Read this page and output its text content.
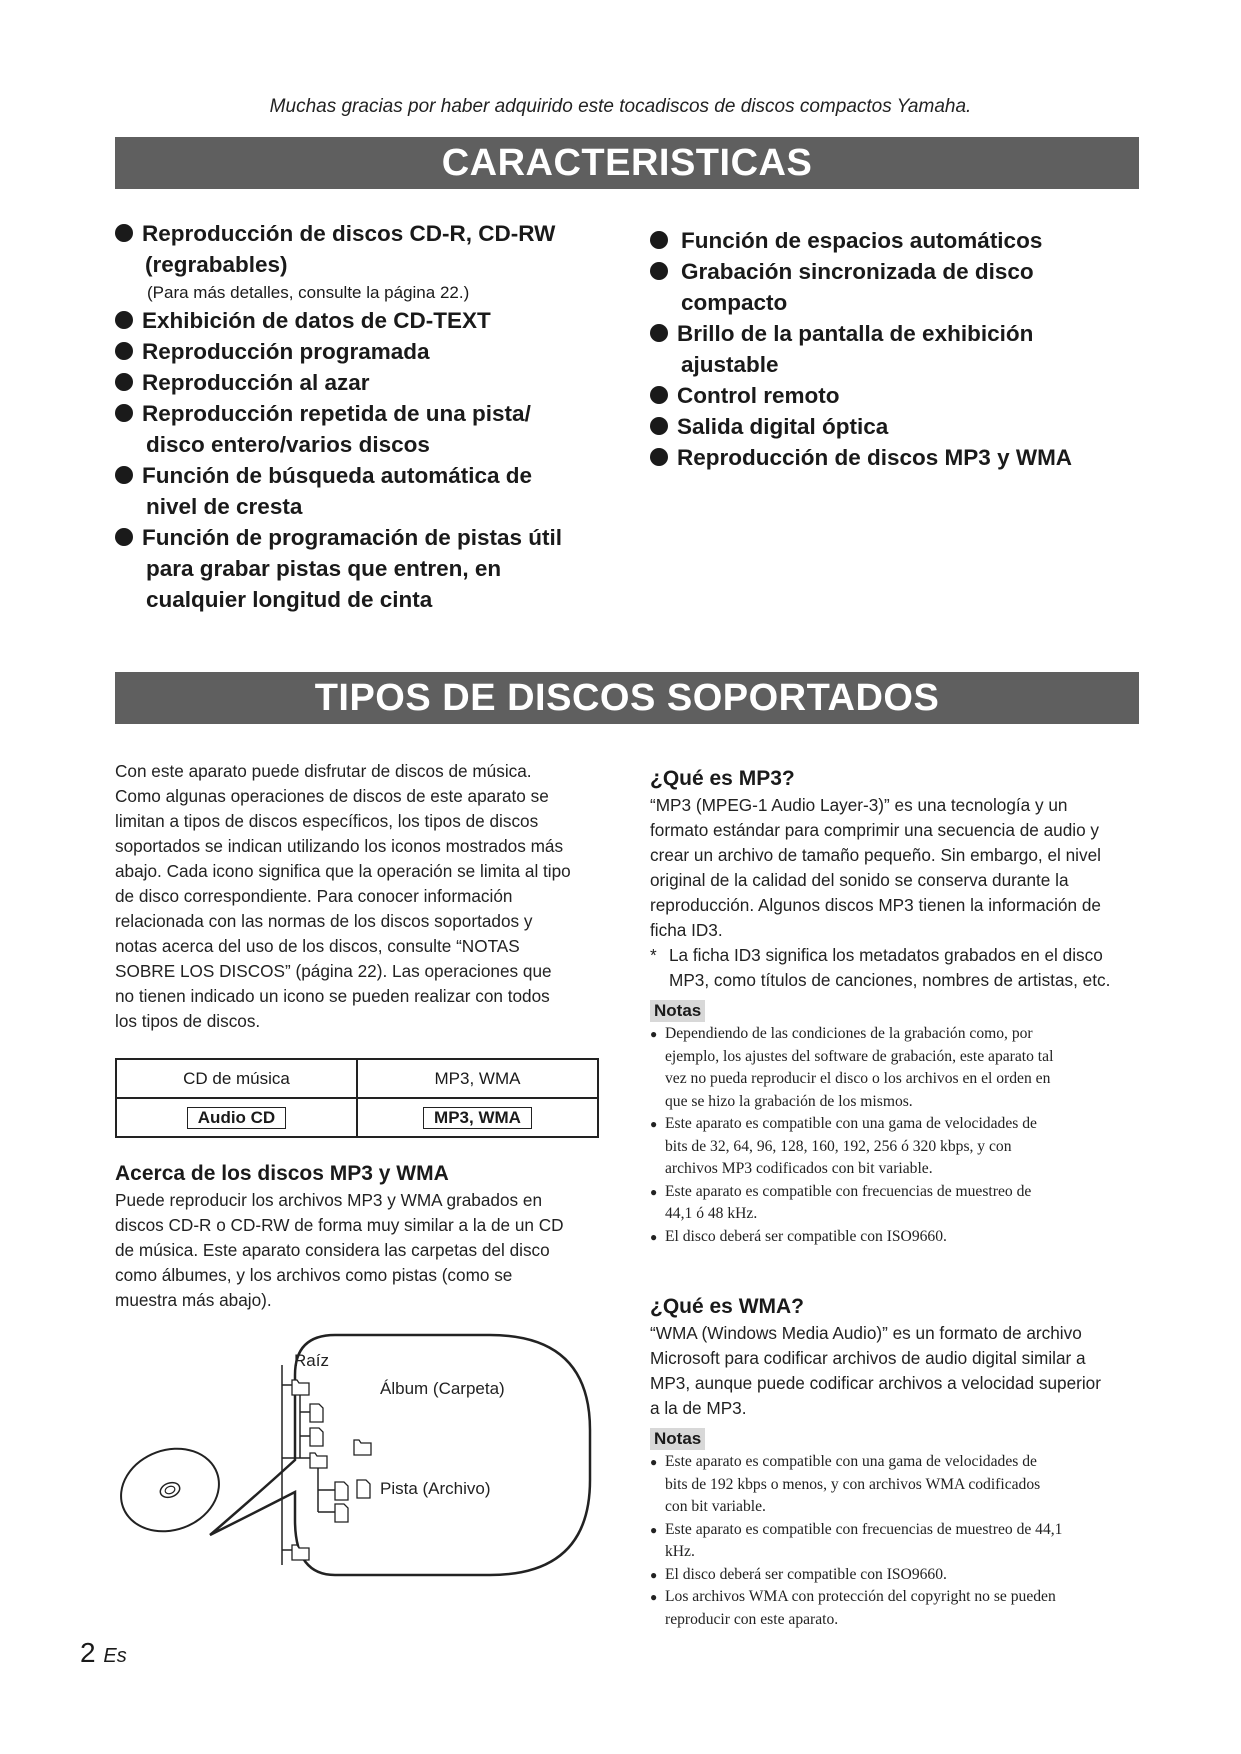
Muchas gracias por haber adquirido este tocadiscos de discos compactos Yamaha.
CARACTERISTICAS
Reproducción de discos CD-R, CD-RW
(regrabables)
(Para más detalles, consulte la página 22.)
Exhibición de datos de CD-TEXT
Reproducción programada
Reproducción al azar
Reproducción repetida de una pista/
disco entero/varios discos
Función de búsqueda automática de
nivel de cresta
Función de programación de pistas útil
para grabar pistas que entren, en
cualquier longitud de cinta
Función de espacios automáticos
Grabación sincronizada de disco
compacto
Brillo de la pantalla de exhibición
ajustable
Control remoto
Salida digital óptica
Reproducción de discos MP3 y WMA
TIPOS DE DISCOS SOPORTADOS
Con este aparato puede disfrutar de discos de música.
Como algunas operaciones de discos de este aparato se
limitan a tipos de discos específicos, los tipos de discos
soportados se indican utilizando los iconos mostrados más
abajo. Cada icono significa que la operación se limita al tipo
de disco correspondiente. Para conocer información
relacionada con las normas de los discos soportados y
notas acerca del uso de los discos, consulte “NOTAS
SOBRE LOS DISCOS” (página 22). Las operaciones que
no tienen indicado un icono se pueden realizar con todos
los tipos de discos.
CD de música	MP3, WMA
Audio CD	MP3, WMA
Acerca de los discos MP3 y WMA
Puede reproducir los archivos MP3 y WMA grabados en
discos CD-R o CD-RW de forma muy similar a la de un CD
de música. Este aparato considera las carpetas del disco
como álbumes, y los archivos como pistas (como se
muestra más abajo).
Raíz
Álbum (Carpeta)
Pista (Archivo)
¿Qué es MP3?
“MP3 (MPEG-1 Audio Layer-3)” es una tecnología y un
formato estándar para comprimir una secuencia de audio y
crear un archivo de tamaño pequeño. Sin embargo, el nivel
original de la calidad del sonido se conserva durante la
reproducción. Algunos discos MP3 tienen la información de
ficha ID3.
* La ficha ID3 significa los metadatos grabados en el disco
MP3, como títulos de canciones, nombres de artistas, etc.
Notas
● Dependiendo de las condiciones de la grabación como, por
ejemplo, los ajustes del software de grabación, este aparato tal
vez no pueda reproducir el disco o los archivos en el orden en
que se hizo la grabación de los mismos.
● Este aparato es compatible con una gama de velocidades de
bits de 32, 64, 96, 128, 160, 192, 256 ó 320 kbps, y con
archivos MP3 codificados con bit variable.
● Este aparato es compatible con frecuencias de muestreo de
44,1 ó 48 kHz.
● El disco deberá ser compatible con ISO9660.
¿Qué es WMA?
“WMA (Windows Media Audio)” es un formato de archivo
Microsoft para codificar archivos de audio digital similar a
MP3, aunque puede codificar archivos a velocidad superior
a la de MP3.
Notas
● Este aparato es compatible con una gama de velocidades de
bits de 192 kbps o menos, y con archivos WMA codificados
con bit variable.
● Este aparato es compatible con frecuencias de muestreo de 44,1
kHz.
● El disco deberá ser compatible con ISO9660.
● Los archivos WMA con protección del copyright no se pueden
reproducir con este aparato.
2 Es
